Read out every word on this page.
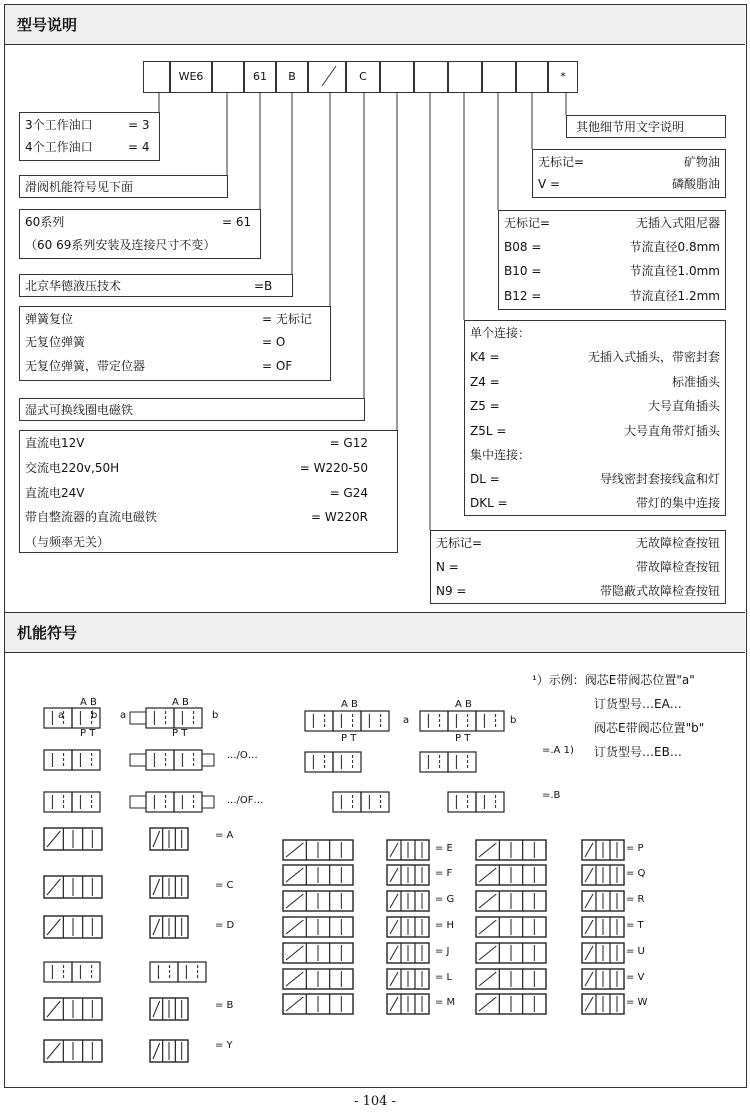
型号说明
机能符号
WE6	61	B	C	*
3个工作油口	= 3
4个工作油口	= 4
滑阀机能符号见下面
60系列	= 61
（60 69系列安装及连接尺寸不变）
北京华德液压技术	=B
弹簧复位	= 无标记
无复位弹簧	= O
无复位弹簧，带定位器	= OF
湿式可换线圈电磁铁
直流电12V	= G12
交流电220v,50H	= W220-50
直流电24V	= G24
带自整流器的直流电磁铁	= W220R
（与频率无关）
其他细节用文字说明
无标记=	矿物油
V =	磷酸脂油
无标记=	无插入式阻尼器
B08 =	节流直径0.8mm
B10 =	节流直径1.0mm
B12 =	节流直径1.2mm
单个连接：
K4 =	无插入式插头，带密封套
Z4 =	标准插头
Z5 =	大号直角插头
Z5L =	大号直角带灯插头
集中连接：
DL =	导线密封套接线盒和灯
DKL =	带灯的集中连接
无标记=	无故障检查按钮
N =	带故障检查按钮
N9 =	带隐蔽式故障检查按钮
¹）示例：阀芯E带阀芯位置"a"
订货型号…EA…
阀芯E带阀芯位置"b"
订货型号…EB…
A B
P T
a	b a	b
A B
P T
.../O…
.../OF…
= A
= C
= D
= B
= Y
A B
P T
A B
P T
a	b
=.A 1)
=.B
= E
= F
= G
= H
= J
= L
= M
= P
= Q
= R
= T
= U
= V
= W
- 104 -
